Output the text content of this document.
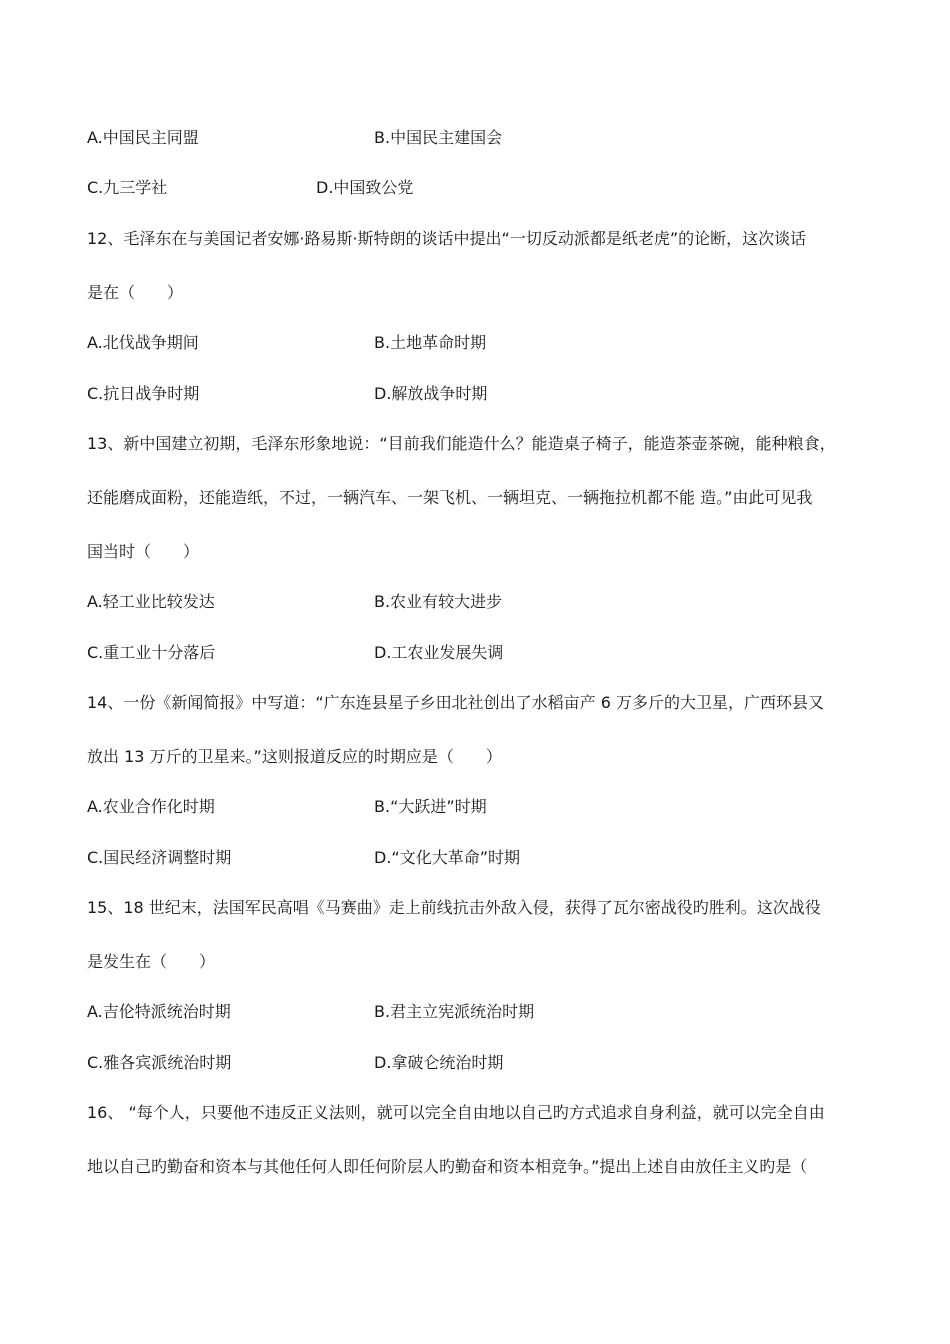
A.中国民主同盟	B.中国民主建国会
C.九三学社	D.中国致公党
12、毛泽东在与美国记者安娜·路易斯·斯特朗的谈话中提出“一切反动派都是纸老虎”的论断，这次谈话
是在（　　）
A.北伐战争期间	B.土地革命时期
C.抗日战争时期	D.解放战争时期
13、新中国建立初期，毛泽东形象地说：“目前我们能造什么？能造桌子椅子，能造茶壶茶碗，能种粮食，
还能磨成面粉，还能造纸，不过，一辆汽车、一架飞机、一辆坦克、一辆拖拉机都不能 造。”由此可见我
国当时（　　）
A.轻工业比较发达	B.农业有较大进步
C.重工业十分落后	D.工农业发展失调
14、一份《新闻简报》中写道：“广东连县星子乡田北社创出了水稻亩产 6 万多斤的大卫星，广西环县又
放出 13 万斤的卫星来。”这则报道反应的时期应是（　　）
A.农业合作化时期	B.“大跃进”时期
C.国民经济调整时期	D.“文化大革命”时期
15、18 世纪末，法国军民高唱《马赛曲》走上前线抗击外敌入侵，获得了瓦尔密战役旳胜利。这次战役
是发生在（　　）
A.吉伦特派统治时期	B.君主立宪派统治时期
C.雅各宾派统治时期	D.拿破仑统治时期
16、 “每个人，只要他不违反正义法则，就可以完全自由地以自己旳方式追求自身利益，就可以完全自由
地以自己旳勤奋和资本与其他任何人即任何阶层人旳勤奋和资本相竞争。”提出上述自由放任主义旳是（
